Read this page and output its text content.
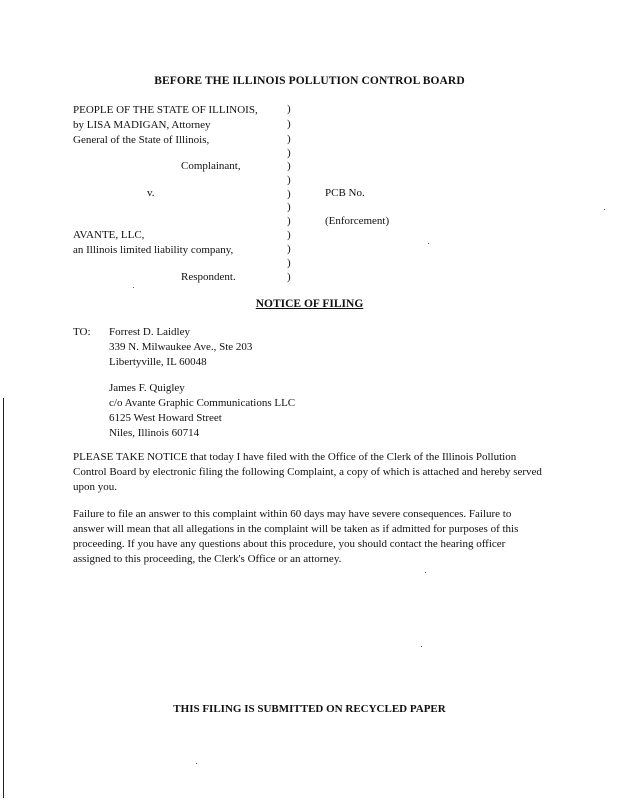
BEFORE THE ILLINOIS POLLUTION CONTROL BOARD
PEOPLE OF THE STATE OF ILLINOIS,
by LISA MADIGAN, Attorney
General of the State of Illinois,
Complainant,
v.
AVANTE, LLC,
an Illinois limited liability company,
Respondent.
)
)
)
)
)
)
)
)
)
)
)
)
)
PCB No.
(Enforcement)
NOTICE OF FILING
TO: Forrest D. Laidley
339 N. Milwaukee Ave., Ste 203
Libertyville, IL 60048
James F. Quigley
c/o Avante Graphic Communications LLC
6125 West Howard Street
Niles, Illinois 60714
PLEASE TAKE NOTICE that today I have filed with the Office of the Clerk of the Illinois Pollution Control Board by electronic filing the following Complaint, a copy of which is attached and hereby served upon you.
Failure to file an answer to this complaint within 60 days may have severe consequences. Failure to answer will mean that all allegations in the complaint will be taken as if admitted for purposes of this proceeding. If you have any questions about this procedure, you should contact the hearing officer assigned to this proceeding, the Clerk's Office or an attorney.
THIS FILING IS SUBMITTED ON RECYCLED PAPER
